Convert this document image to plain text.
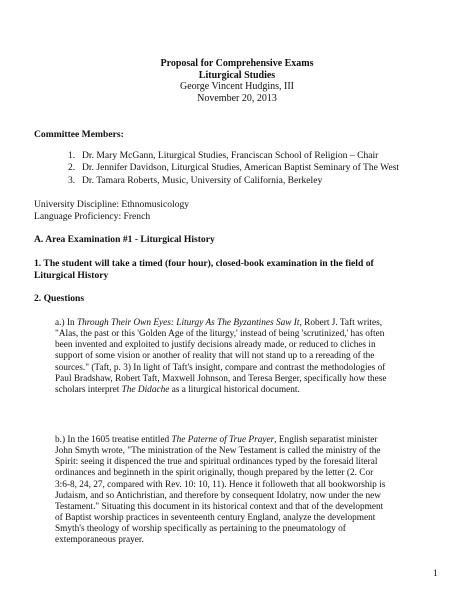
Proposal for Comprehensive Exams
Liturgical Studies
George Vincent Hudgins, III
November 20, 2013
Committee Members:
1. Dr. Mary McGann, Liturgical Studies, Franciscan School of Religion – Chair
2. Dr. Jennifer Davidson, Liturgical Studies, American Baptist Seminary of The West
3. Dr. Tamara Roberts, Music, University of California, Berkeley
University Discipline: Ethnomusicology
Language Proficiency: French
A. Area Examination #1 - Liturgical History
1. The student will take a timed (four hour), closed-book examination in the field of
Liturgical History
2. Questions
a.) In Through Their Own Eyes: Liturgy As The Byzantines Saw It, Robert J. Taft writes,
"Alas, the past or this 'Golden Age of the liturgy,' instead of being 'scrutinized,' has often
been invented and exploited to justify decisions already made, or reduced to cliches in
support of some vision or another of reality that will not stand up to a rereading of the
sources." (Taft, p. 3) In light of Taft's insight, compare and contrast the methodologies of
Paul Bradshaw, Robert Taft, Maxwell Johnson, and Teresa Berger, specifically how these
scholars interpret The Didache as a liturgical historical document.
b.) In the 1605 treatise entitled The Paterne of True Prayer, English separatist minister
John Smyth wrote, "The ministration of the New Testament is called the ministry of the
Spirit: seeing it dispenced the true and spiritual ordinances typed by the foresaid literal
ordinances and beginneth in the spirit originally, though prepared by the letter (2. Cor
3:6-8, 24, 27, compared with Rev. 10: 10, 11). Hence it followeth that all bookworship is
Judaism, and so Antichristian, and therefore by consequent Idolatry, now under the new
Testament." Situating this document in its historical context and that of the development
of Baptist worship practices in seventeenth century England, analyze the development
Smyth's theology of worship specifically as pertaining to the pneumatology of
extemporaneous prayer.
1
